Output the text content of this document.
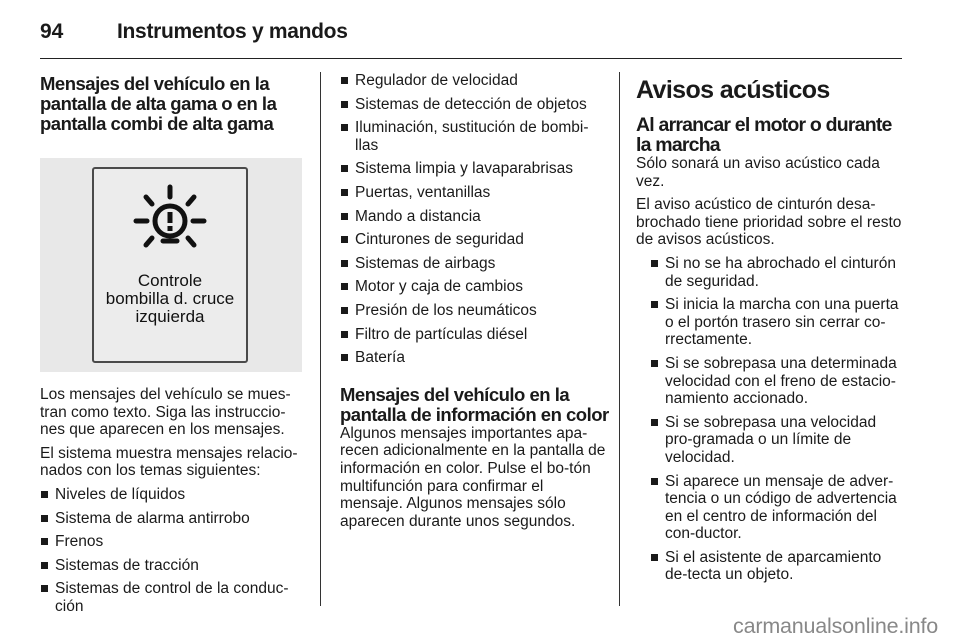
94	Instrumentos y mandos
Mensajes del vehículo en la pantalla de alta gama o en la pantalla combi de alta gama
Controle
bombilla d. cruce
izquierda

Los mensajes del vehículo se mues-tran como texto. Siga las instruccio-nes que aparecen en los mensajes.

El sistema muestra mensajes relacio-nados con los temas siguientes:

Niveles de líquidos
Sistema de alarma antirrobo
Frenos
Sistemas de tracción
Sistemas de control de la conduc-ción
Regulador de velocidad
Sistemas de detección de objetos
Iluminación, sustitución de bombi-llas
Sistema limpia y lavaparabrisas
Puertas, ventanillas
Mando a distancia
Cinturones de seguridad
Sistemas de airbags
Motor y caja de cambios
Presión de los neumáticos
Filtro de partículas diésel
Batería
Mensajes del vehículo en la pantalla de información en color

Algunos mensajes importantes apa-recen adicionalmente en la pantalla de información en color. Pulse el bo-tón multifunción para confirmar el mensaje. Algunos mensajes sólo aparecen durante unos segundos.

Avisos acústicos
Al arrancar el motor o durante la marcha

Sólo sonará un aviso acústico cada vez.

El aviso acústico de cinturón desa-brochado tiene prioridad sobre el resto de avisos acústicos.

Si no se ha abrochado el cinturón de seguridad.
Si inicia la marcha con una puerta o el portón trasero sin cerrar co-rrectamente.
Si se sobrepasa una determinada velocidad con el freno de estacio-namiento accionado.
Si se sobrepasa una velocidad pro-gramada o un límite de velocidad.
Si aparece un mensaje de adver-tencia o un código de advertencia en el centro de información del con-ductor.
Si el asistente de aparcamiento de-tecta un objeto.
carmanualsonline.info
